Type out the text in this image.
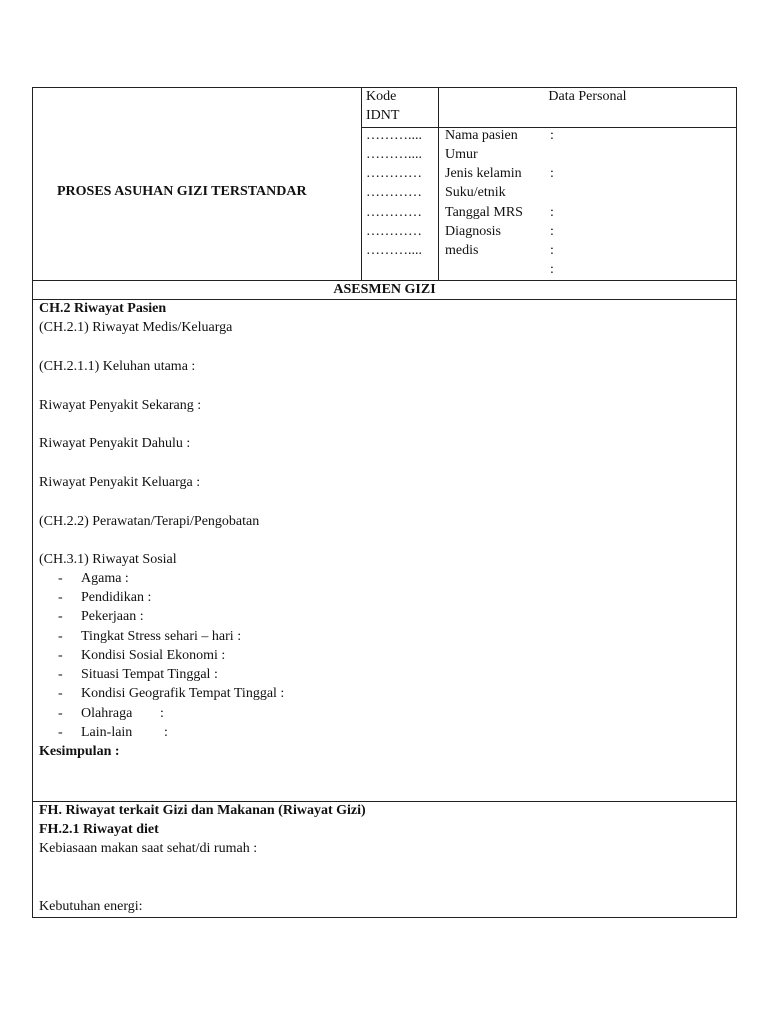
PROSES ASUHAN GIZI TERSTANDAR
Kode
IDNT
Data Personal
………....
………....
…………
…………
…………
…………
………....
Nama pasien
Umur
Jenis kelamin
Suku/etnik
Tanggal MRS
Diagnosis
medis
:
:
:
:
:
:
ASESMEN GIZI
CH.2 Riwayat Pasien
(CH.2.1) Riwayat Medis/Keluarga
(CH.2.1.1) Keluhan utama :
Riwayat Penyakit Sekarang :
Riwayat Penyakit Dahulu :
Riwayat Penyakit Keluarga :
(CH.2.2) Perawatan/Terapi/Pengobatan
(CH.3.1) Riwayat Sosial
- Agama :
- Pendidikan :
- Pekerjaan :
- Tingkat Stress sehari – hari :
- Kondisi Sosial Ekonomi :
- Situasi Tempat Tinggal :
- Kondisi Geografik Tempat Tinggal :
- Olahraga :
- Lain-lain :
Kesimpulan :
FH. Riwayat terkait Gizi dan Makanan (Riwayat Gizi)
FH.2.1 Riwayat diet
Kebiasaan makan saat sehat/di rumah :
Kebutuhan energi:
